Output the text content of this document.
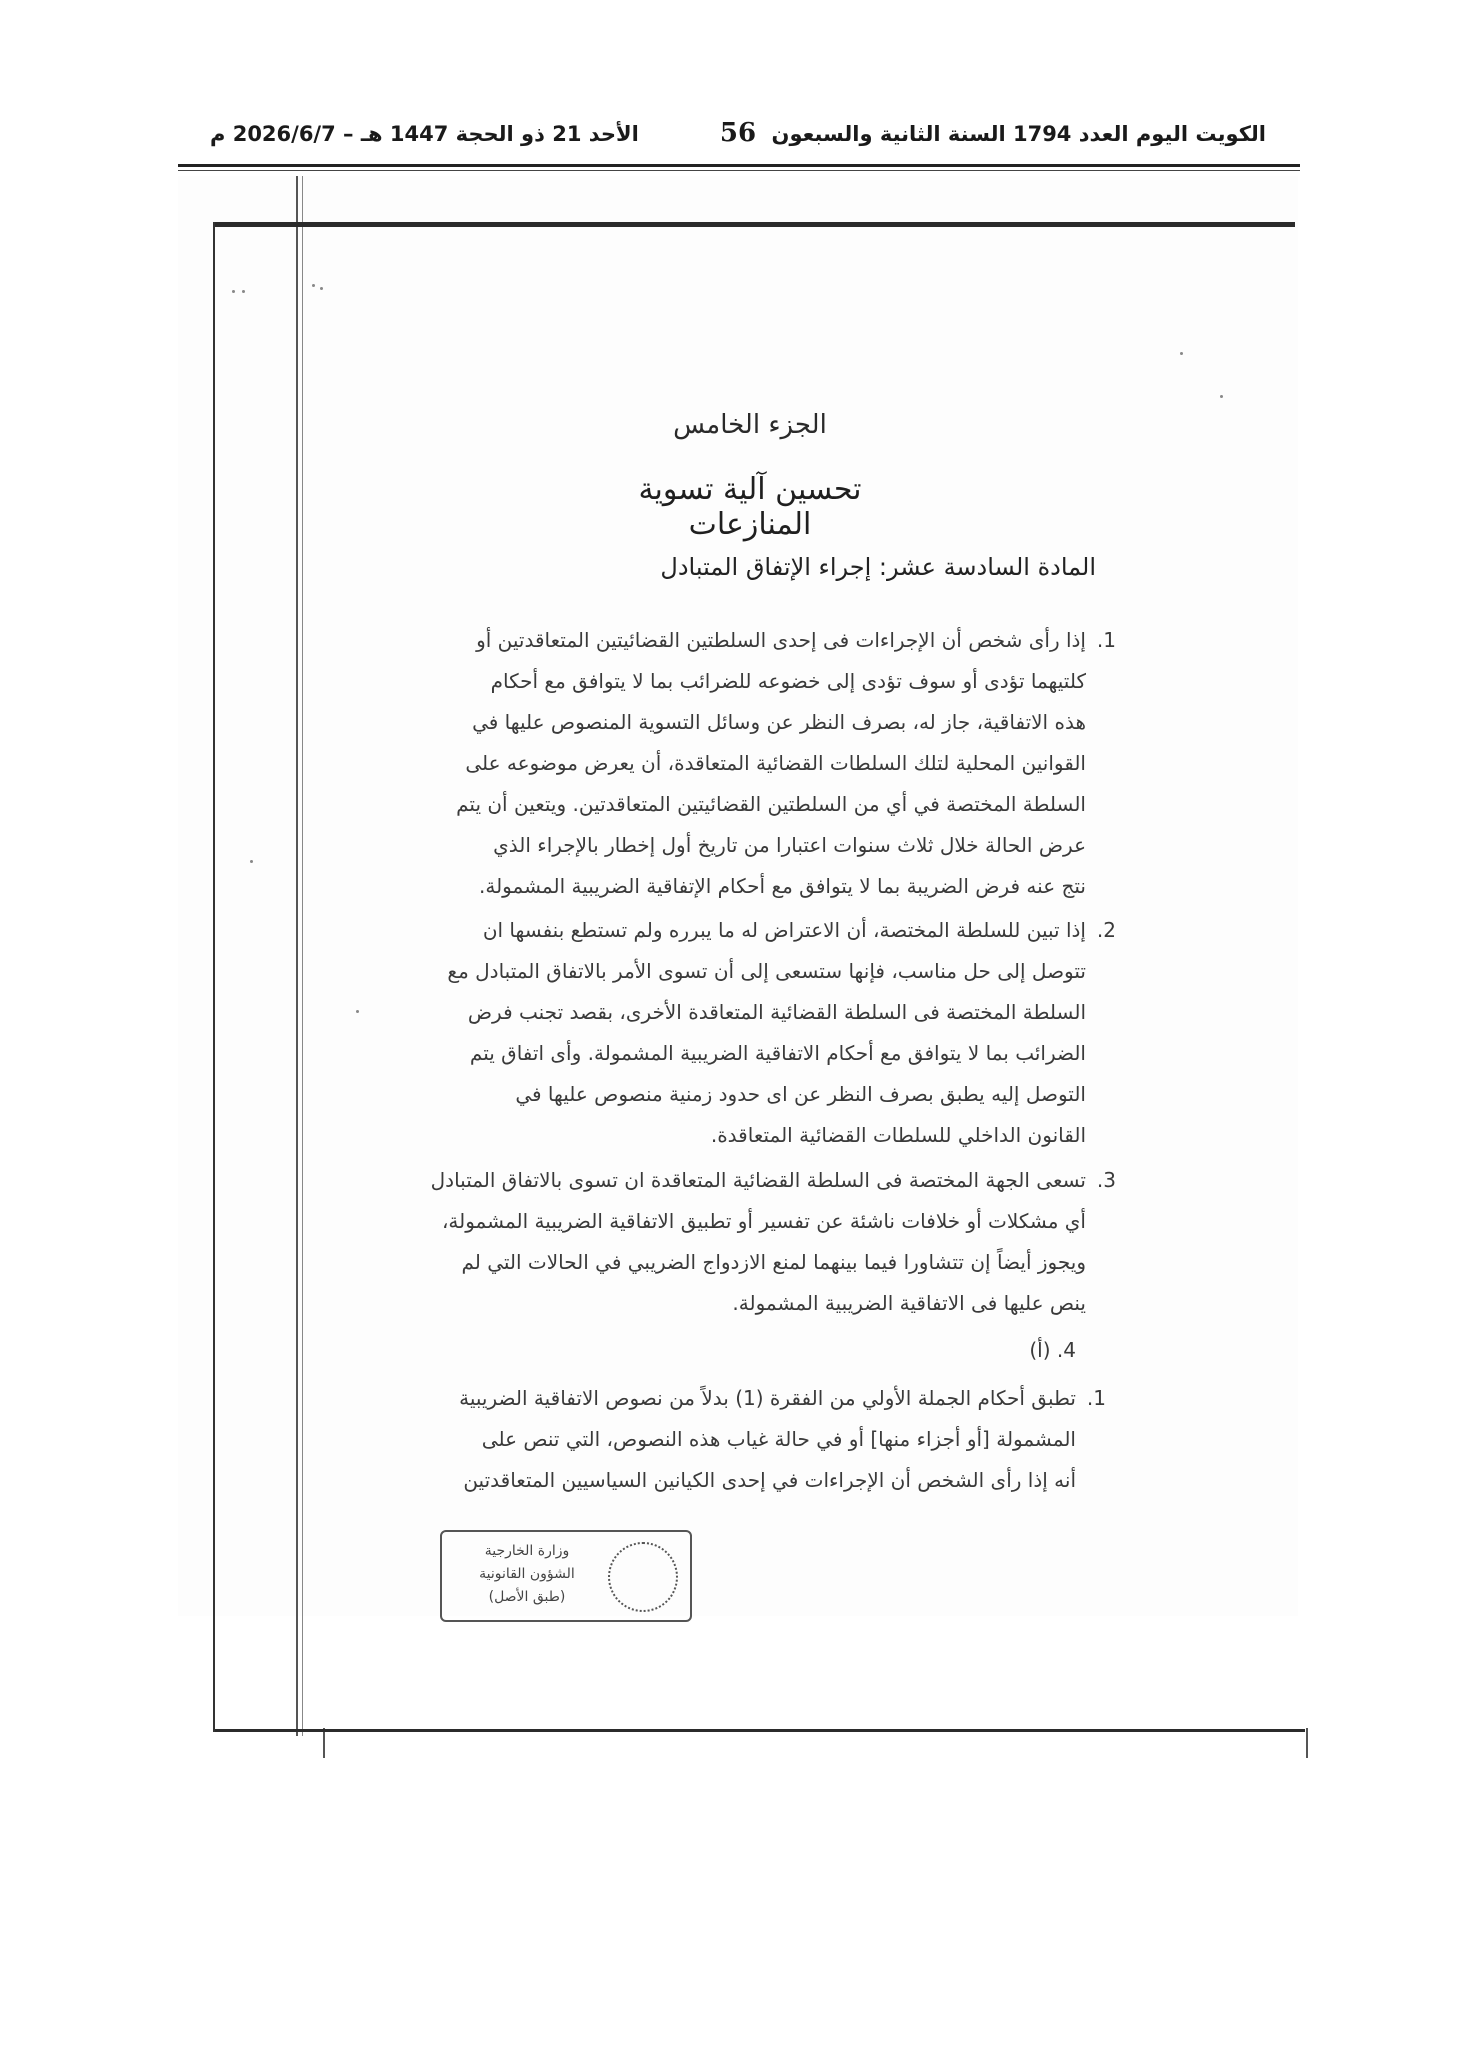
الكويت اليوم العدد 1794 السنة الثانية والسبعون
56
الأحد 21 ذو الحجة 1447 هـ – 2026/6/7 م
الجزء الخامس
تحسين آلية تسوية المنازعات
المادة السادسة عشر: إجراء الإتفاق المتبادل
1.
إذا رأى شخص أن الإجراءات فى إحدى السلطتين القضائيتين المتعاقدتين أو
كلتيهما تؤدى أو سوف تؤدى إلى خضوعه للضرائب بما لا يتوافق مع أحكام
هذه الاتفاقية، جاز له، بصرف النظر عن وسائل التسوية المنصوص عليها في
القوانين المحلية لتلك السلطات القضائية المتعاقدة، أن يعرض موضوعه على
السلطة المختصة في أي من السلطتين القضائيتين المتعاقدتين. ويتعين أن يتم
عرض الحالة خلال ثلاث سنوات اعتبارا من تاريخ أول إخطار بالإجراء الذي
نتج عنه فرض الضريبة بما لا يتوافق مع أحكام الإتفاقية الضريبية المشمولة.
2.
إذا تبين للسلطة المختصة، أن الاعتراض له ما يبرره ولم تستطع بنفسها ان
تتوصل إلى حل مناسب، فإنها ستسعى إلى أن تسوى الأمر بالاتفاق المتبادل مع
السلطة المختصة فى السلطة القضائية المتعاقدة الأخرى، بقصد تجنب فرض
الضرائب بما لا يتوافق مع أحكام الاتفاقية الضريبية المشمولة. وأى اتفاق يتم
التوصل إليه يطبق بصرف النظر عن اى حدود زمنية منصوص عليها في
القانون الداخلي للسلطات القضائية المتعاقدة.
3.
تسعى الجهة المختصة فى السلطة القضائية المتعاقدة ان تسوى بالاتفاق المتبادل
أي مشكلات أو خلافات ناشئة عن تفسير أو تطبيق الاتفاقية الضريبية المشمولة،
ويجوز أيضاً إن تتشاورا فيما بينهما لمنع الازدواج الضريبي في الحالات التي لم
ينص عليها فى الاتفاقية الضريبية المشمولة.
4. (أ)
1.
تطبق أحكام الجملة الأولي من الفقرة (1) بدلاً من نصوص الاتفاقية الضريبية
المشمولة [أو أجزاء منها] أو في حالة غياب هذه النصوص، التي تنص على
أنه إذا رأى الشخص أن الإجراءات في إحدى الكيانين السياسيين المتعاقدتين
وزارة الخارجية
الشؤون القانونية
(طبق الأصل)
